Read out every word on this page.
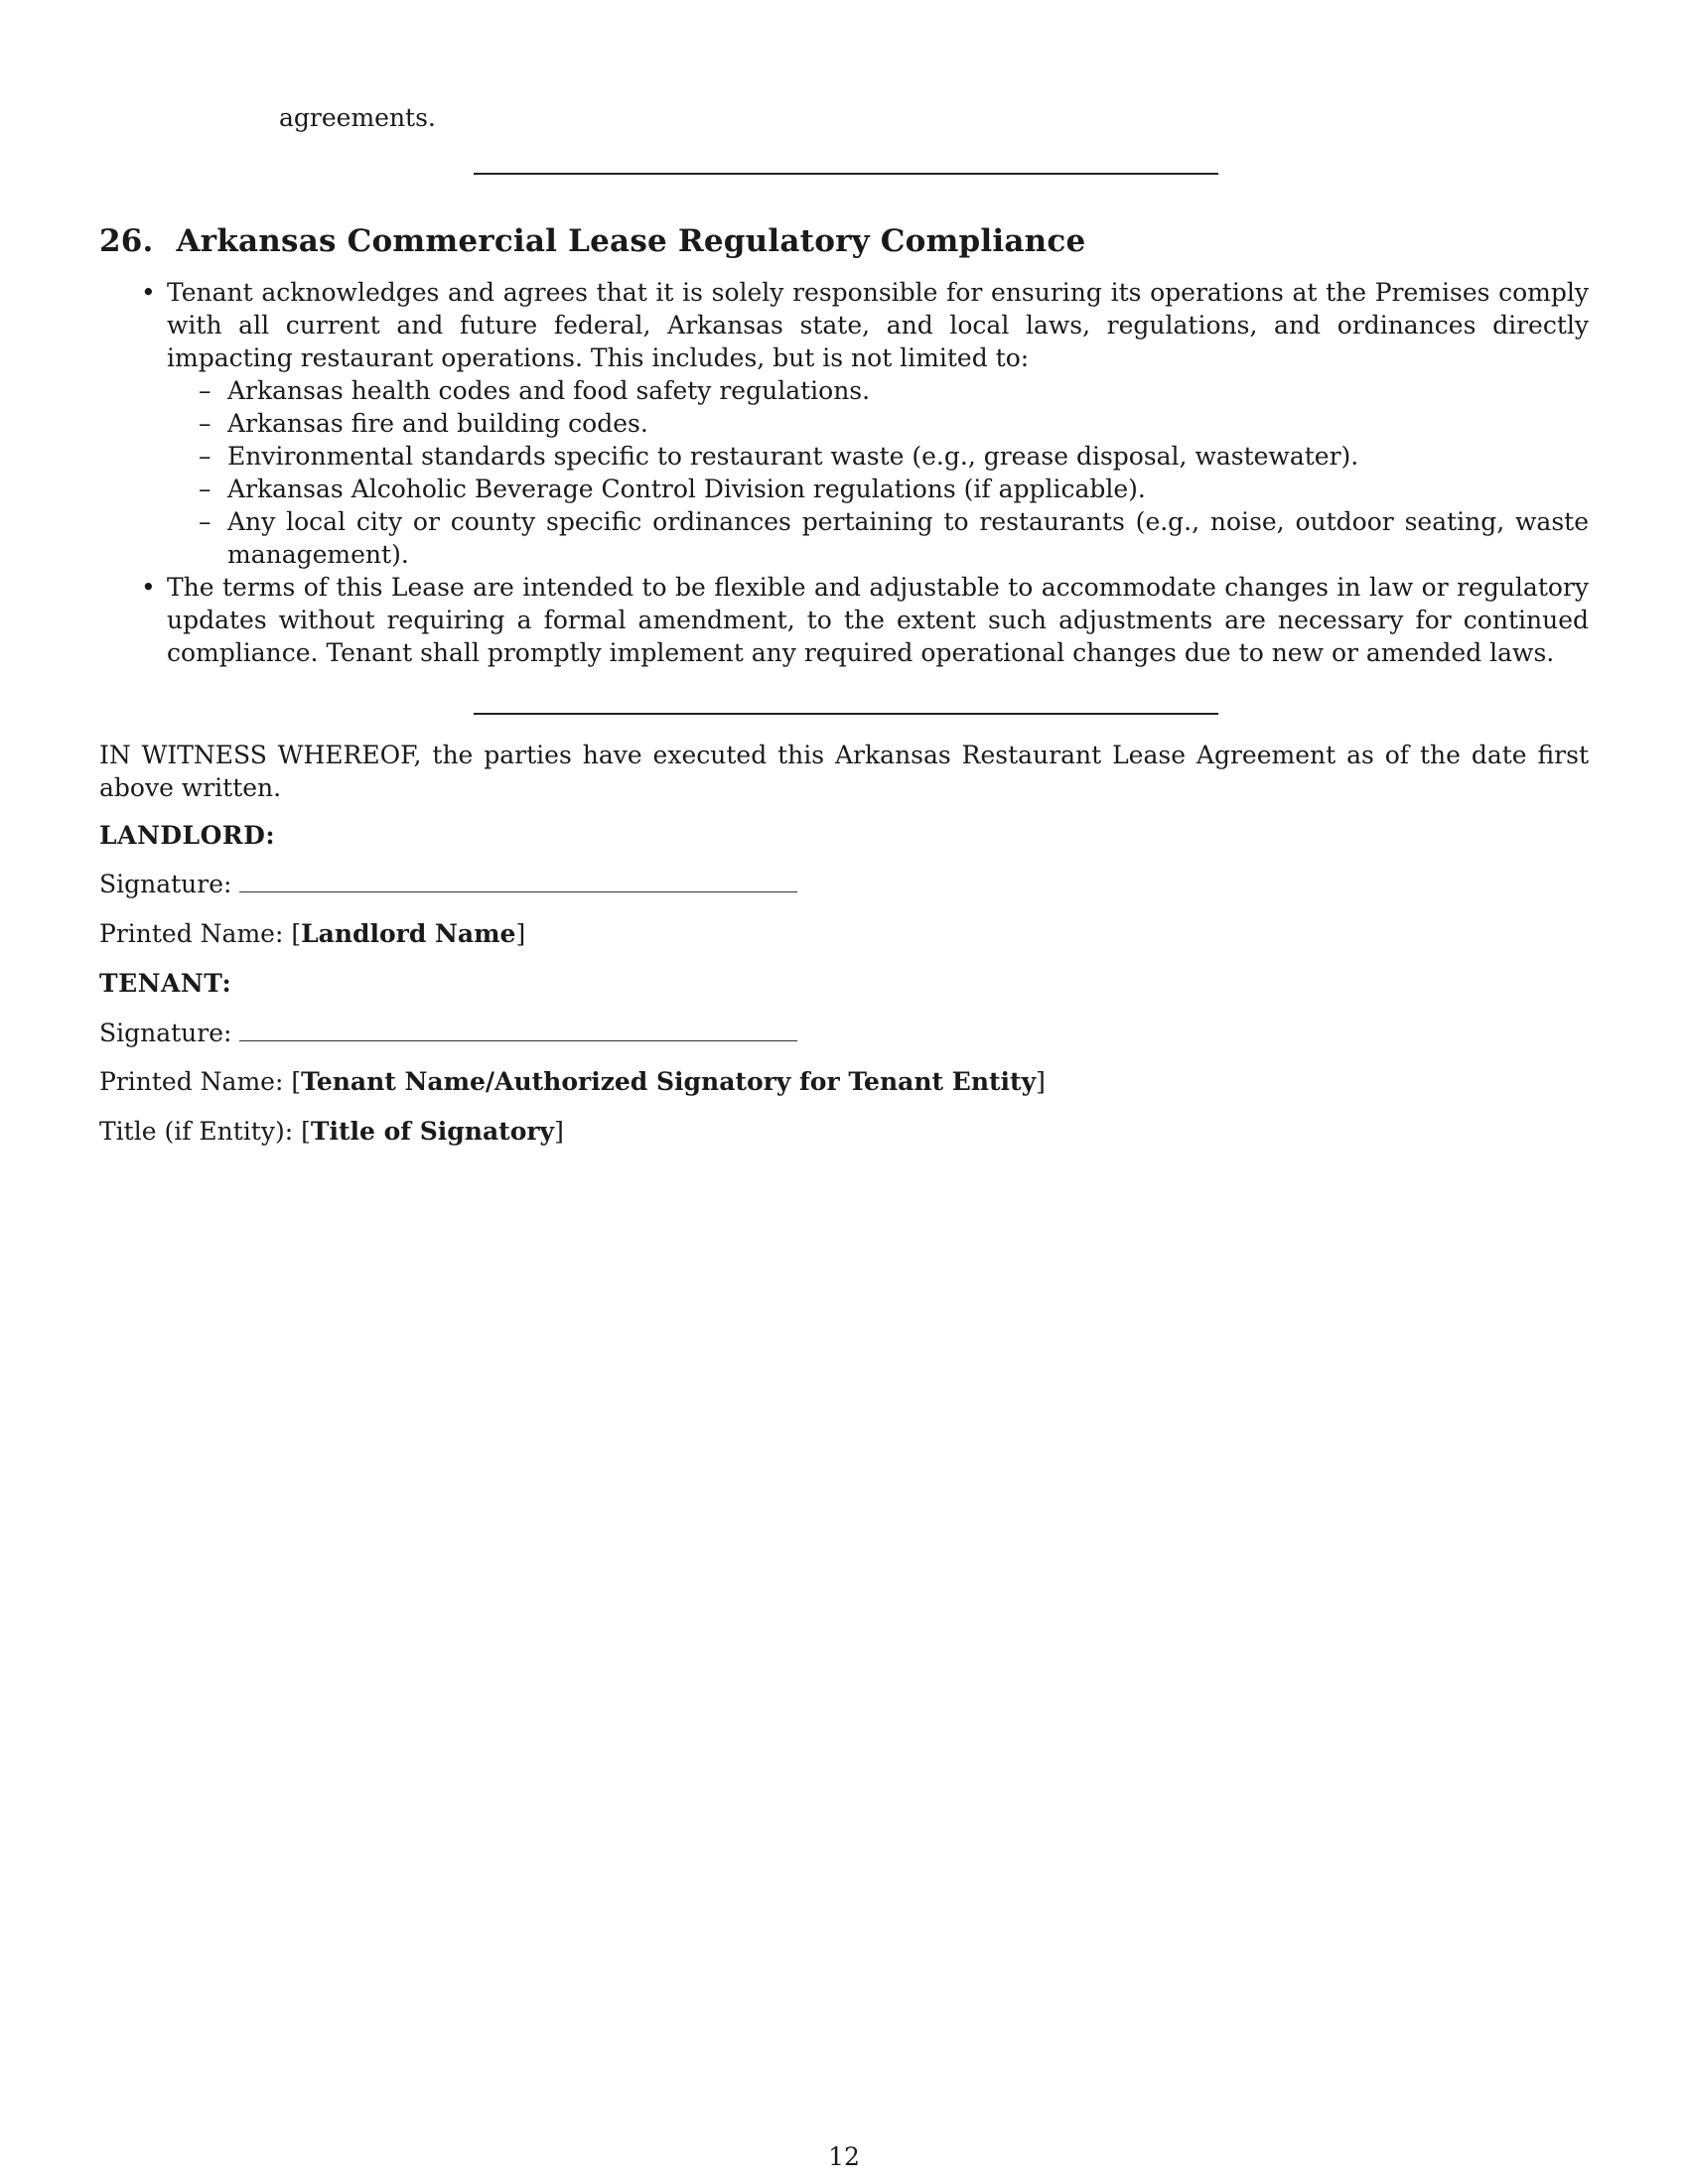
agreements.
26. Arkansas Commercial Lease Regulatory Compliance
• Tenant acknowledges and agrees that it is solely responsible for ensuring its operations at the Premises comply with all current and future federal, Arkansas state, and local laws, regulations, and ordinances directly impacting restaurant operations. This includes, but is not limited to:
– Arkansas health codes and food safety regulations.
– Arkansas fire and building codes.
– Environmental standards specific to restaurant waste (e.g., grease disposal, wastewater).
– Arkansas Alcoholic Beverage Control Division regulations (if applicable).
– Any local city or county specific ordinances pertaining to restaurants (e.g., noise, outdoor seating, waste management).
• The terms of this Lease are intended to be flexible and adjustable to accommodate changes in law or regulatory updates without requiring a formal amendment, to the extent such adjustments are necessary for continued compliance. Tenant shall promptly implement any required operational changes due to new or amended laws.
IN WITNESS WHEREOF, the parties have executed this Arkansas Restaurant Lease Agreement as of the date first above written.
LANDLORD:
Signature:
Printed Name: [Landlord Name]
TENANT:
Signature:
Printed Name: [Tenant Name/Authorized Signatory for Tenant Entity]
Title (if Entity): [Title of Signatory]
12
